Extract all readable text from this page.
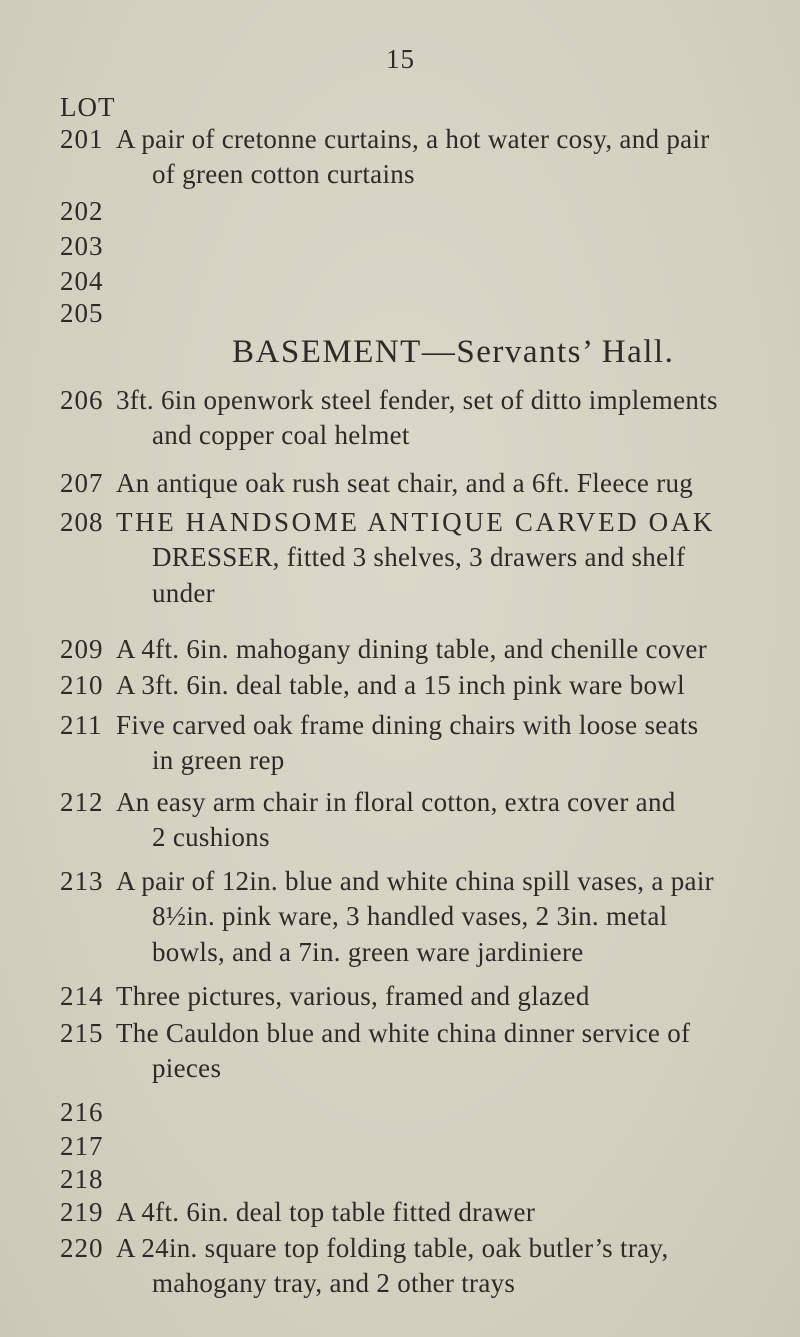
15
LOT
BASEMENT—Servants’ Hall.
201 A pair of cretonne curtains, a hot water cosy, and pair
of green cotton curtains
202
203
204
205
206 3ft. 6in openwork steel fender, set of ditto implements
and copper coal helmet
207 An antique oak rush seat chair, and a 6ft. Fleece rug
208 THE HANDSOME ANTIQUE CARVED OAK
DRESSER, fitted 3 shelves, 3 drawers and shelf
under
209 A 4ft. 6in. mahogany dining table, and chenille cover
210 A 3ft. 6in. deal table, and a 15 inch pink ware bowl
211 Five carved oak frame dining chairs with loose seats
in green rep
212 An easy arm chair in floral cotton, extra cover and
2 cushions
213 A pair of 12in. blue and white china spill vases, a pair
8½in. pink ware, 3 handled vases, 2 3in. metal
bowls, and a 7in. green ware jardiniere
214 Three pictures, various, framed and glazed
215 The Cauldon blue and white china dinner service of
pieces
216
217
218
219 A 4ft. 6in. deal top table fitted drawer
220 A 24in. square top folding table, oak butler’s tray,
mahogany tray, and 2 other trays
